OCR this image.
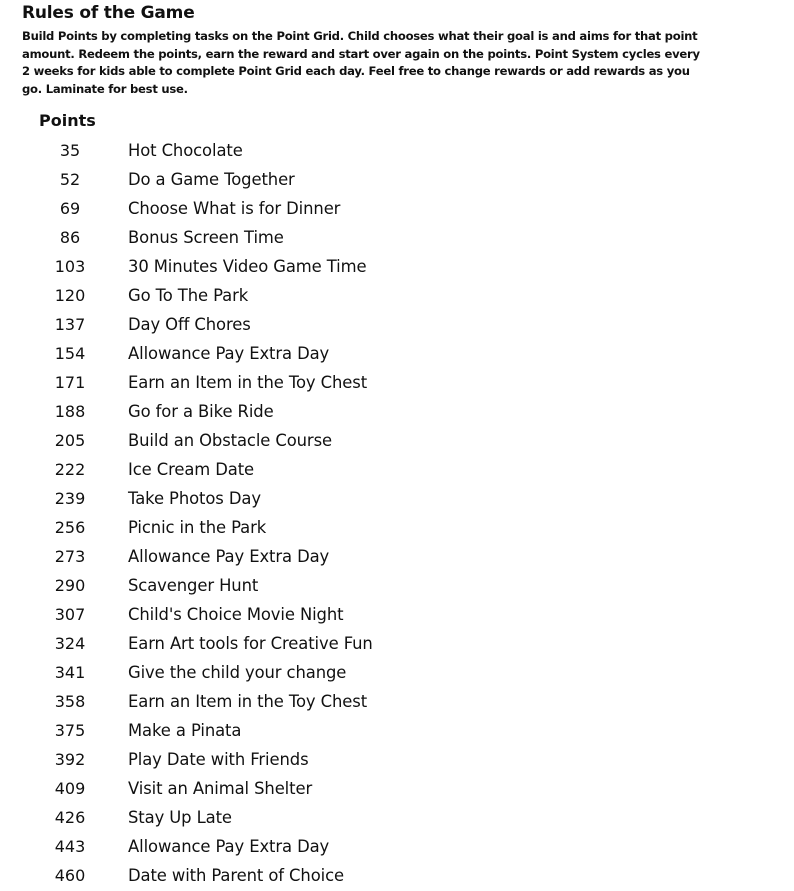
Rules of the Game
Build Points by completing tasks on the Point Grid. Child chooses what their goal is and aims for that point amount. Redeem the points, earn the reward and start over again on the points. Point System cycles every 2 weeks for kids able to complete Point Grid each day. Feel free to change rewards or add rewards as you go. Laminate for best use.
Points
35	Hot Chocolate
52	Do a Game Together
69	Choose What is for Dinner
86	Bonus Screen Time
103	30 Minutes Video Game Time
120	Go To The Park
137	Day Off Chores
154	Allowance Pay Extra Day
171	Earn an Item in the Toy Chest
188	Go for a Bike Ride
205	Build an Obstacle Course
222	Ice Cream Date
239	Take Photos Day
256	Picnic in the Park
273	Allowance Pay Extra Day
290	Scavenger Hunt
307	Child's Choice Movie Night
324	Earn Art tools for Creative Fun
341	Give the child your change
358	Earn an Item in the Toy Chest
375	Make a Pinata
392	Play Date with Friends
409	Visit an Animal Shelter
426	Stay Up Late
443	Allowance Pay Extra Day
460	Date with Parent of Choice
